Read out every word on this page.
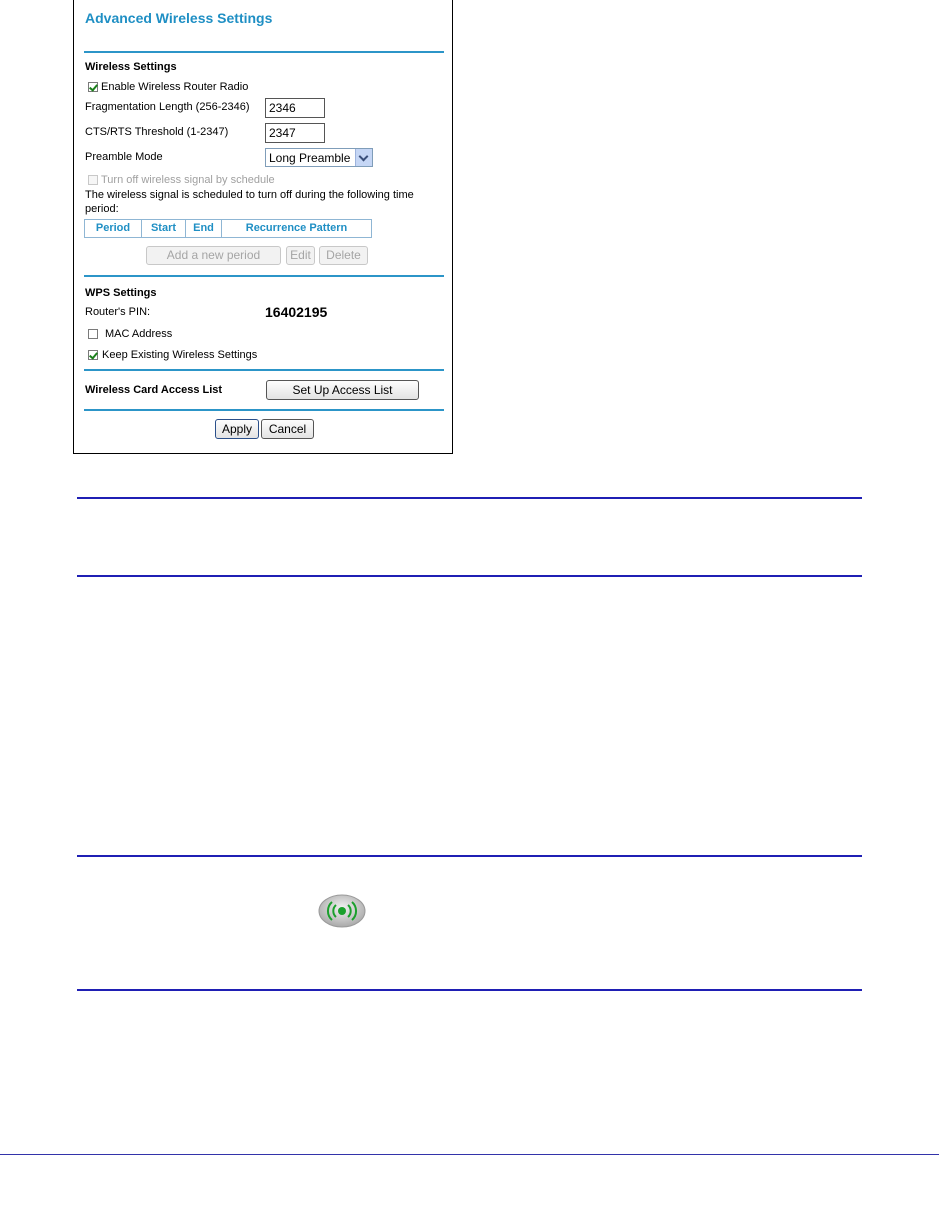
Advanced Wireless Settings
Wireless Settings
Enable Wireless Router Radio
Fragmentation Length (256-2346)	2346
CTS/RTS Threshold (1-2347)	2347
Preamble Mode	Long Preamble
Turn off wireless signal by schedule
The wireless signal is scheduled to turn off during the following time
period:
Period	Start	End	Recurrence Pattern
Add a new period	Edit	Delete
WPS Settings
Router's PIN:	16402195
MAC Address
Keep Existing Wireless Settings
Wireless Card Access List	Set Up Access List
Apply	Cancel
